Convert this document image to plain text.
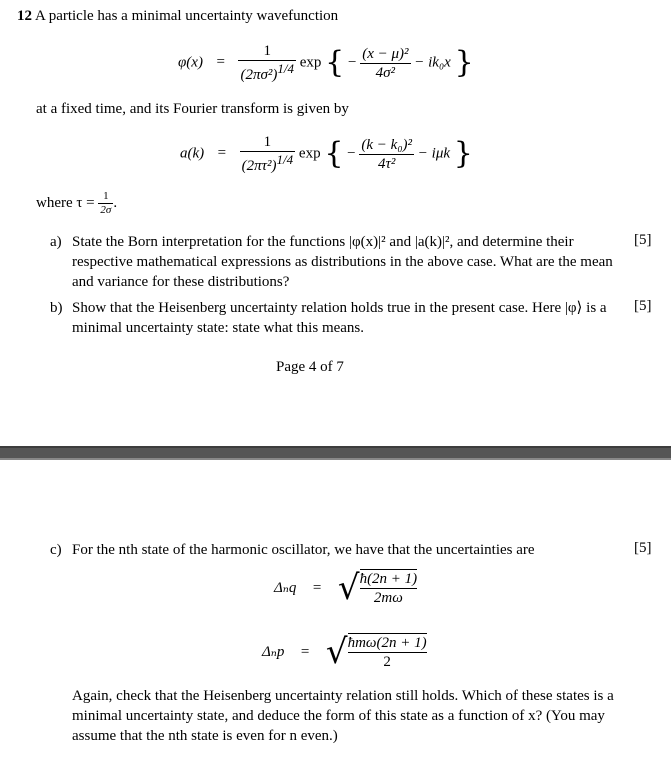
12 A particle has a minimal uncertainty wavefunction
$\varphi(x) = \frac{1}{(2\pi\sigma^2)^{1/4}}$ exp { − $\frac{\text{(x − μ)²}}{\text{4σ²}} - ik_0x$ }
at a fixed time, and its Fourier transform is given by
$a(k) = \frac{1}{(2\pi\tau^2)^{1/4}}$ exp { − $\frac{\text{(k − k₀)²}}{\text{4τ²}} - i\mu k$ }
where $\tau = \frac{1}{2\sigma}$ .
a) State the Born interpretation for the functions |φ(x)|² and |a(k)|², and determine their respective mathematical expressions as distributions in the above case. What are the mean and variance for these distributions?
[5]
b) Show that the Heisenberg uncertainty relation holds true in the present case. Here |φ⟩ is a minimal uncertainty state: state what this means.
[5]
Page 4 of 7
c) For the nth state of the harmonic oscillator, we have that the uncertainties are	[5]
Δₙq = √ $\frac{ħ(2n + 1)}{2m\omega}$
Δₙp = √ ħmω(2n + 1)
2
Again, check that the Heisenberg uncertainty relation still holds. Which of these states is a minimal uncertainty state, and deduce the form of this state as a function of x? (You may assume that the nth state is even for n even.)
